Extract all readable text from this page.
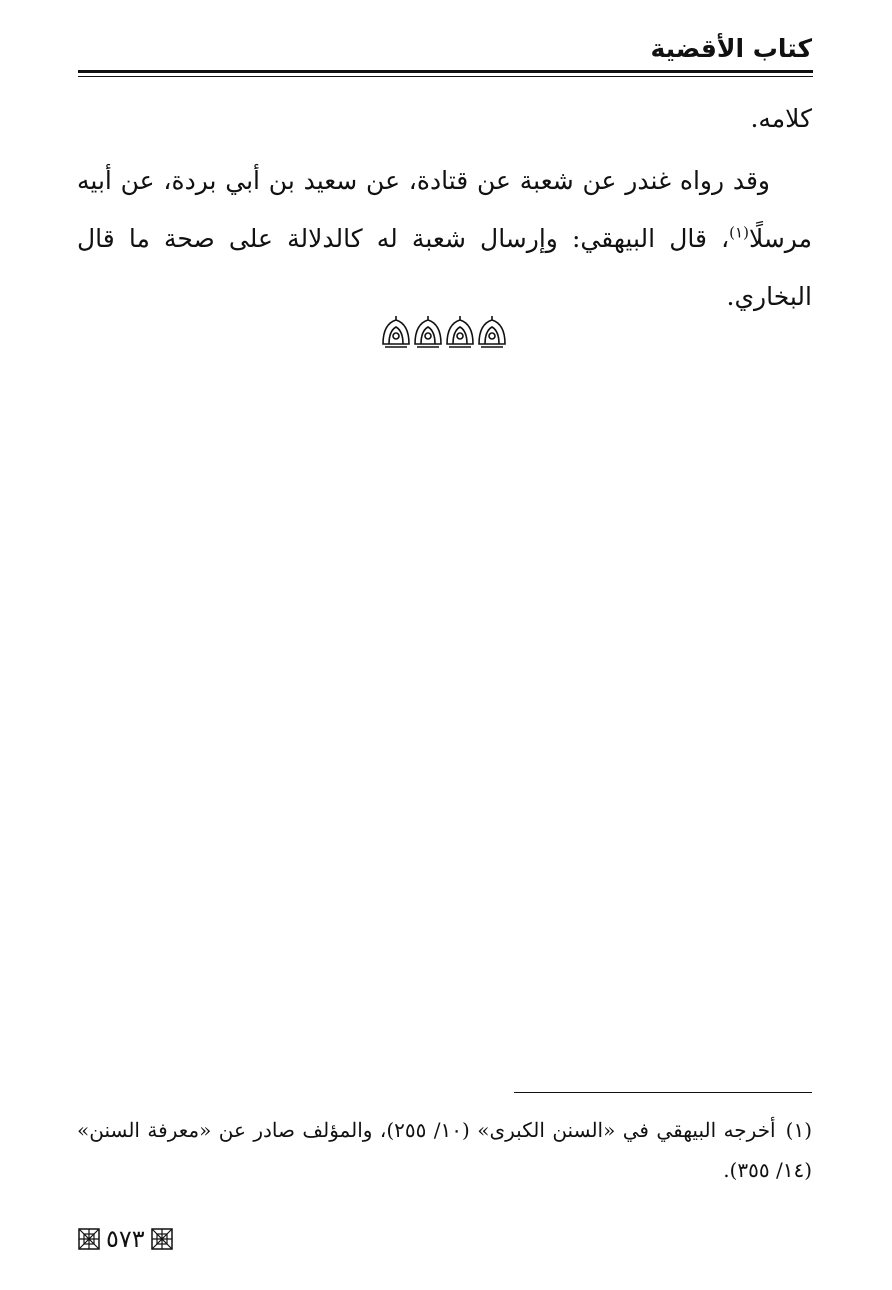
كتاب الأقضية

كلامه.

وقد رواه غندر عن شعبة عن قتادة، عن سعيد بن أبي بردة، عن أبيه مرسلًا$^{(١)}$، قال البيهقي: وإرسال شعبة له كالدلالة على صحة ما قال البخاري.

(١)أخرجه البيهقي في «السنن الكبرى» (١٠/ ٢٥٥)، والمؤلف صادر عن «معرفة السنن» (١٤/ ٣٥٥).
٥٧٣
